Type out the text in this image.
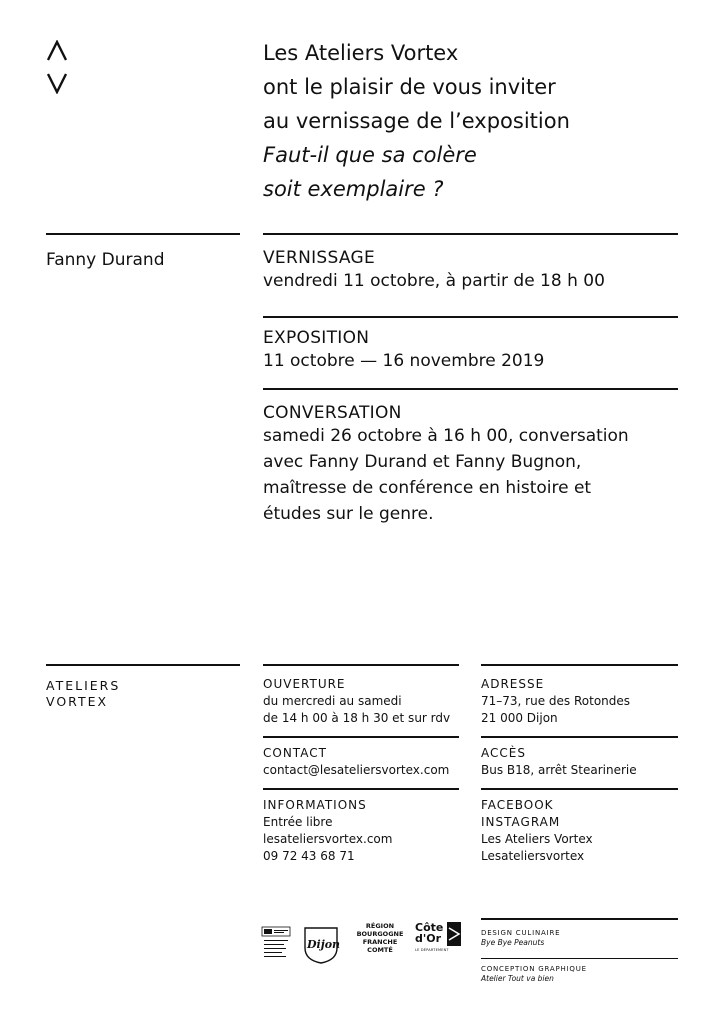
Les Ateliers Vortex
ont le plaisir de vous inviter
au vernissage de l’exposition
Faut-il que sa colère
soit exemplaire ?
Fanny Durand	VERNISSAGE
vendredi 11 octobre, à partir de 18 h 00
EXPOSITION
11 octobre — 16 novembre 2019
CONVERSATION
samedi 26 octobre à 16 h 00, conversation
avec Fanny Durand et Fanny Bugnon,
maîtresse de conférence en histoire et
études sur le genre.
ATELIERS
VORTEX
OUVERTURE
du mercredi au samedi
de 14 h 00 à 18 h 30 et sur rdv
ADRESSE
71–73, rue des Rotondes
21 000 Dijon
CONTACT
contact@lesateliersvortex.com
ACCÈS
Bus B18, arrêt Stearinerie
INFORMATIONS
Entrée libre
lesateliersvortex.com
09 72 43 68 71
FACEBOOK
INSTAGRAM
Les Ateliers Vortex
Lesateliersvortex
Dijon
RÉGION
BOURGOGNE
FRANCHE
COMTÉ
Côte
d'Or
LE DÉPARTEMENT
DESIGN CULINAIRE
Bye Bye Peanuts
CONCEPTION GRAPHIQUE
Atelier Tout va bien
